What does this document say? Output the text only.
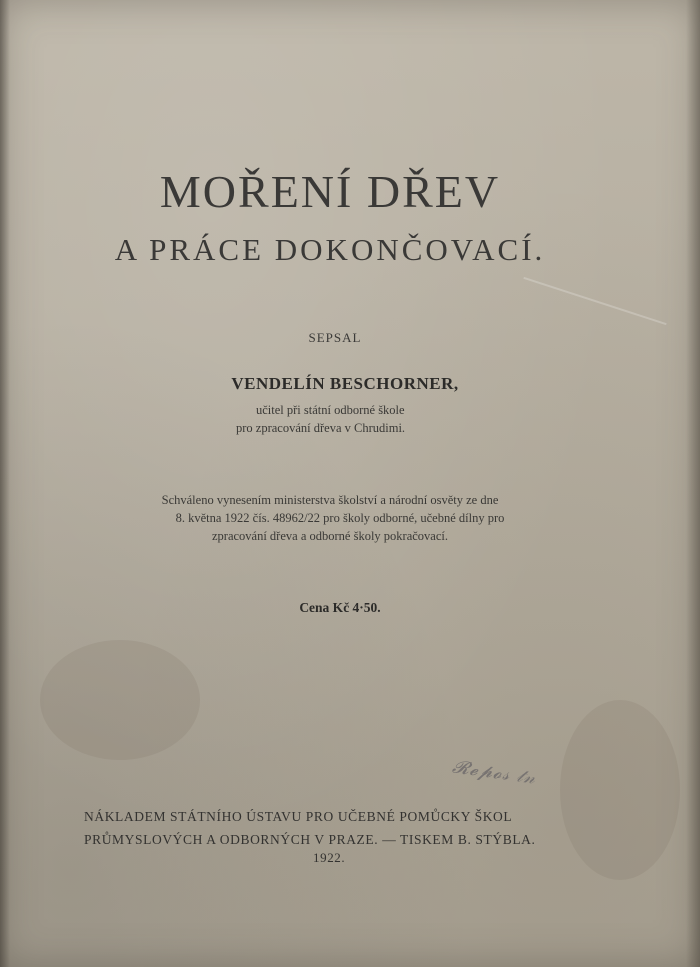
MOŘENÍ DŘEV
A PRÁCE DOKONČOVACÍ.
SEPSAL
VENDELÍN BESCHORNER,
učitel při státní odborné škole
pro zpracování dřeva v Chrudimi.
Schváleno vynesením ministerstva školství a národní osvěty ze dne
8. května 1922 čís. 48962/22 pro školy odborné, učebné dílny pro
zpracování dřeva a odborné školy pokračovací.
Cena Kč 4·50.
𝓡𝓮𝓹𝓸𝓈 𝓉𝓃
NÁKLADEM STÁTNÍHO ÚSTAVU PRO UČEBNÉ POMŮCKY ŠKOL
PRŮMYSLOVÝCH A ODBORNÝCH V PRAZE. — TISKEM B. STÝBLA.
1922.
